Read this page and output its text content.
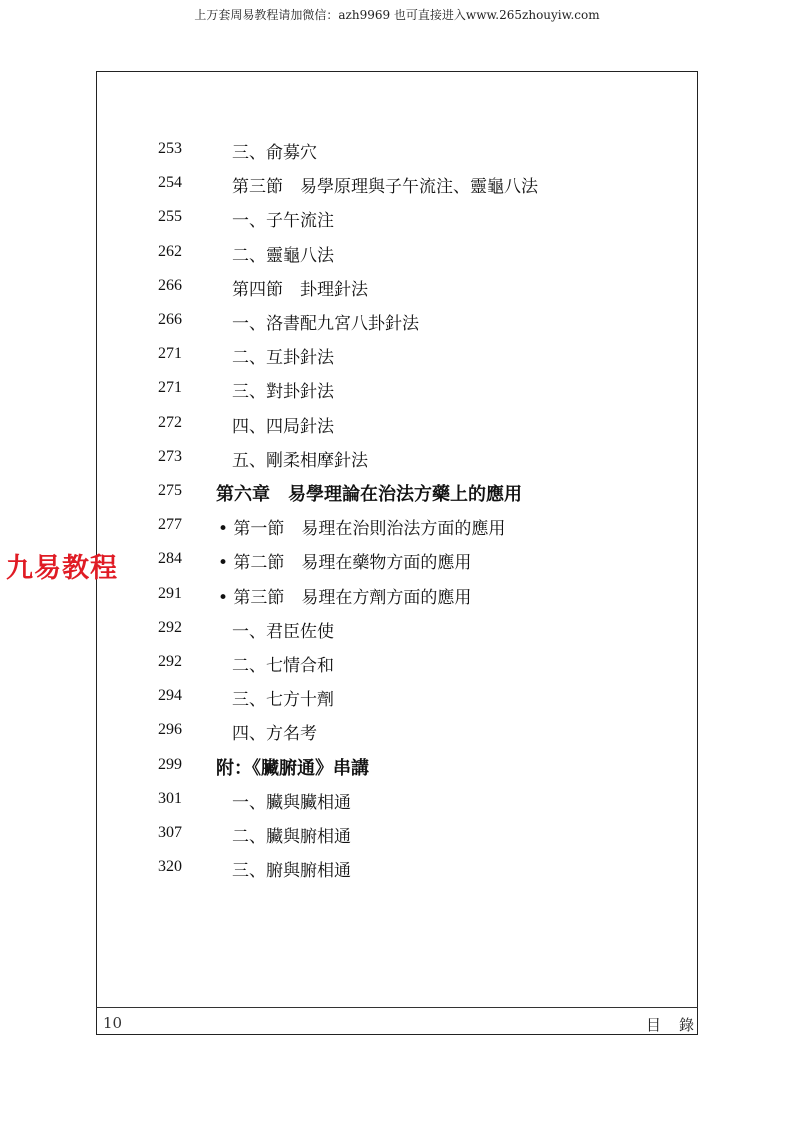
上万套周易教程请加微信：azh9969 也可直接进入www.265zhouyiw.com
253	三、俞募穴
254	第三節　易學原理與子午流注、靈龜八法
255	一、子午流注
262	二、靈龜八法
266	第四節　卦理針法
266	一、洛書配九宮八卦針法
271	二、互卦針法
271	三、對卦針法
272	四、四局針法
273	五、剛柔相摩針法
275	第六章　易學理論在治法方藥上的應用
277	• 第一節　易理在治則治法方面的應用
284	• 第二節　易理在藥物方面的應用
291	• 第三節　易理在方劑方面的應用
292	一、君臣佐使
292	二、七情合和
294	三、七方十劑
296	四、方名考
299	附：《臟腑通》串講
301	一、臟與臟相通
307	二、臟與腑相通
320	三、腑與腑相通
九易教程
10	目錄
